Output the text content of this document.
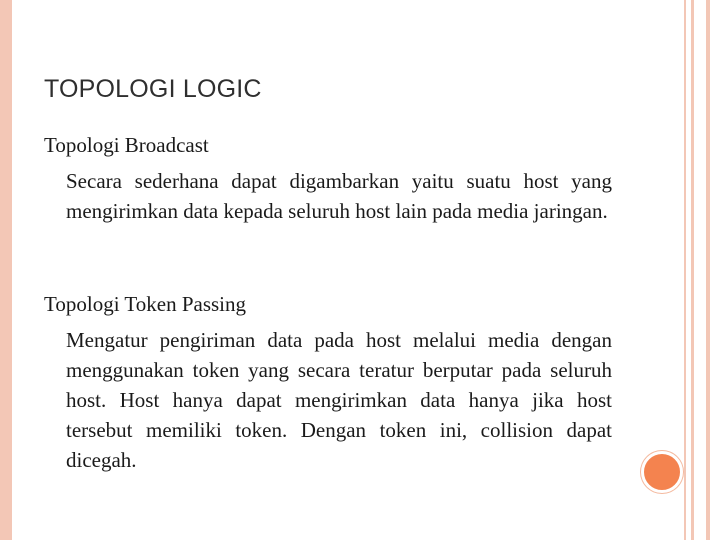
TOPOLOGI LOGIC
Topologi Broadcast
Secara sederhana dapat digambarkan yaitu suatu host yang mengirimkan data kepada seluruh host lain pada media jaringan.
Topologi Token Passing
Mengatur pengiriman data pada host melalui media dengan menggunakan token yang secara teratur berputar pada seluruh host. Host hanya dapat mengirimkan data hanya jika host tersebut memiliki token. Dengan token ini, collision dapat dicegah.
